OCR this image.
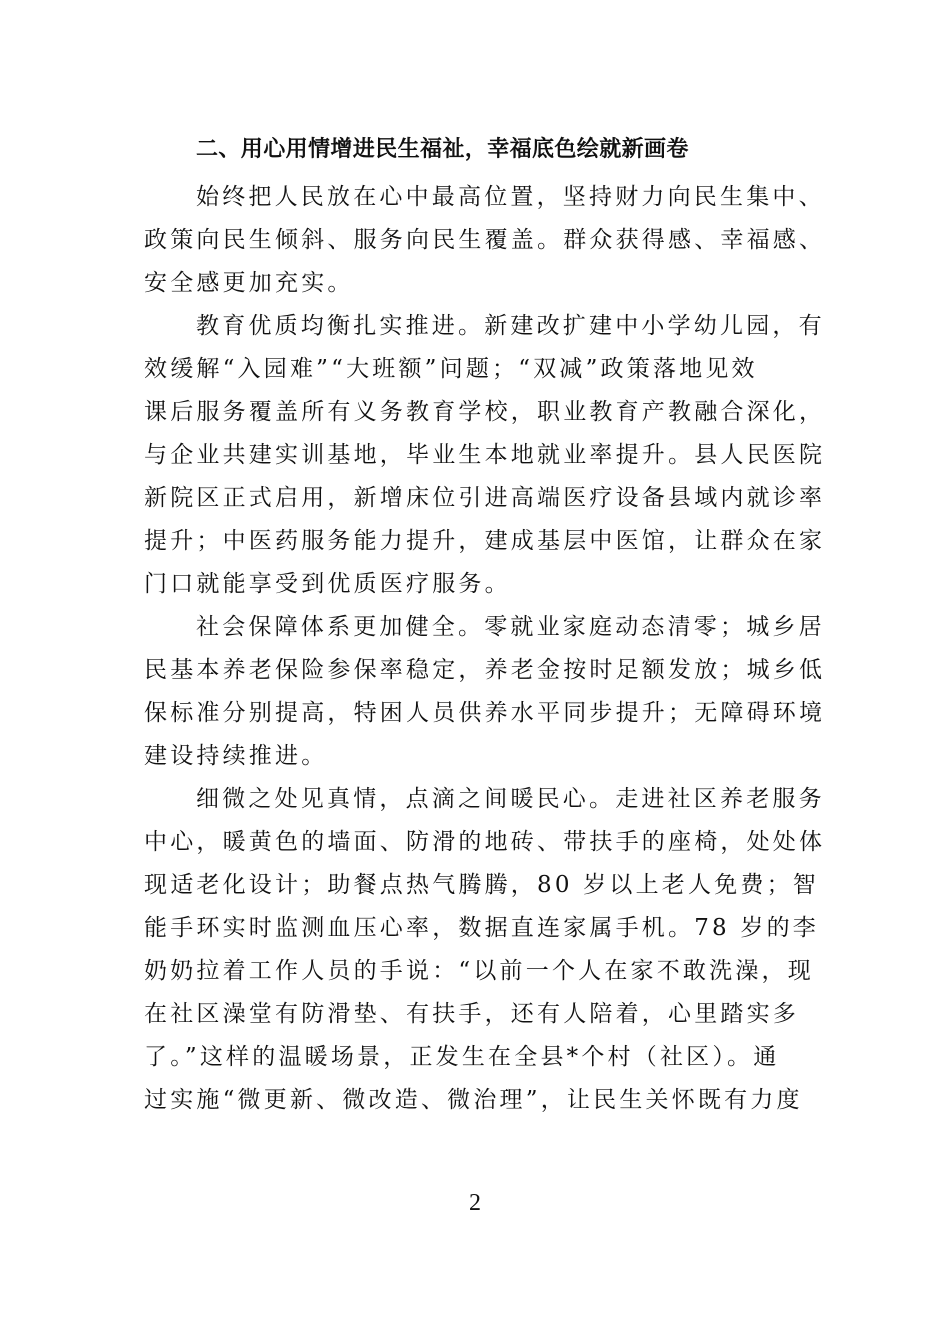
二、用心用情增进民生福祉，幸福底色绘就新画卷
始终把人民放在心中最高位置，坚持财力向民生集中、
政策向民生倾斜、服务向民生覆盖。群众获得感、幸福感、
安全感更加充实。
教育优质均衡扎实推进。新建改扩建中小学幼儿园，有
效缓解“入园难”“大班额”问题；“双减”政策落地见效
课后服务覆盖所有义务教育学校，职业教育产教融合深化，
与企业共建实训基地，毕业生本地就业率提升。县人民医院
新院区正式启用，新增床位引进高端医疗设备县域内就诊率
提升；中医药服务能力提升，建成基层中医馆，让群众在家
门口就能享受到优质医疗服务。
社会保障体系更加健全。零就业家庭动态清零；城乡居
民基本养老保险参保率稳定，养老金按时足额发放；城乡低
保标准分别提高，特困人员供养水平同步提升；无障碍环境
建设持续推进。
细微之处见真情，点滴之间暖民心。走进社区养老服务
中心，暖黄色的墙面、防滑的地砖、带扶手的座椅，处处体
现适老化设计；助餐点热气腾腾，80 岁以上老人免费；智
能手环实时监测血压心率，数据直连家属手机。78 岁的李
奶奶拉着工作人员的手说：“以前一个人在家不敢洗澡，现
在社区澡堂有防滑垫、有扶手，还有人陪着，心里踏实多
了。”这样的温暖场景，正发生在全县*个村（社区）。通
过实施“微更新、微改造、微治理”，让民生关怀既有力度
2
